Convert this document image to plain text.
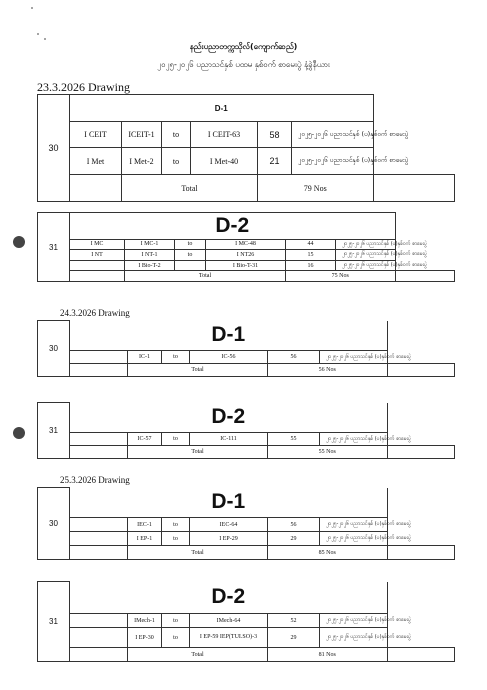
နည်းပညာတက္ကသိုလ်(ကျောက်ဆည်)
၂၀၂၅-၂၀၂၆ ပညာသင်နှစ် ပထမ နှစ်ဝက် စာမေးပွဲ နံ့ခွဲနီယား
23.3.2026 Drawing
30	D-1						
	I CEIT	ICEIT-1	to	I CEIT-63	58	၂၀၂၅-၂၀၂၆ ပညာသင်နှစ် (ပ)နှစ်ဝက် စာမေးပွဲ	
	I Met	I Met-2	to	I Met-40	21	၂၀၂၅-၂၀၂၆ ပညာသင်နှစ် (ပ)နှစ်ဝက် စာမေးပွဲ	
		Total			79 Nos		
31	D-2						
	I MC	I MC-1	to	I MC-48	44	၂၀၂၅-၂၀၂၆ ပညာသင်နှစ် (ပ)နှစ်ဝက် စာမေးပွဲ	
	I NT	I NT-1	to	I NT26	15	၂၀၂၅-၂၀၂၆ ပညာသင်နှစ် (ပ)နှစ်ဝက် စာမေးပွဲ	
		I Bio-T-2		I Bio-T-31	16	၂၀၂၅-၂၀၂၆ ပညာသင်နှစ် (ပ)နှစ်ဝက် စာမေးပွဲ	
		Total			75 Nos		
24.3.2026 Drawing
30	D-1						
		IC-1	to	IC-56	56	၂၀၂၅-၂၀၂၆ ပညာသင်နှစ် (ပ)နှစ်ဝက် စာမေးပွဲ	
		Total			56 Nos		
31	D-2						
		IC-57	to	IC-111	55	၂၀၂၅-၂၀၂၆ ပညာသင်နှစ် (ပ)နှစ်ဝက် စာမေးပွဲ	
		Total			55 Nos		
25.3.2026 Drawing
30	D-1						
		IEC-1	to	IEC-64	56	၂၀၂၅-၂၀၂၆ ပညာသင်နှစ် (ပ)နှစ်ဝက် စာမေးပွဲ	
		I EP-1	to	I EP-29	29	၂၀၂၅-၂၀၂၆ ပညာသင်နှစ် (ပ)နှစ်ဝက် စာမေးပွဲ	
		Total			85 Nos		
31	D-2						
		IMech-1	to	IMech-64	52	၂၀၂၅-၂၀၂၆ ပညာသင်နှစ် (ပ)နှစ်ဝက် စာမေးပွဲ	
		I EP-30	to	I EP-59 IEP(TUI.SO)-3	29	၂၀၂၅-၂၀၂၆ ပညာသင်နှစ် (ပ)နှစ်ဝက် စာမေးပွဲ	
		Total			81 Nos		
